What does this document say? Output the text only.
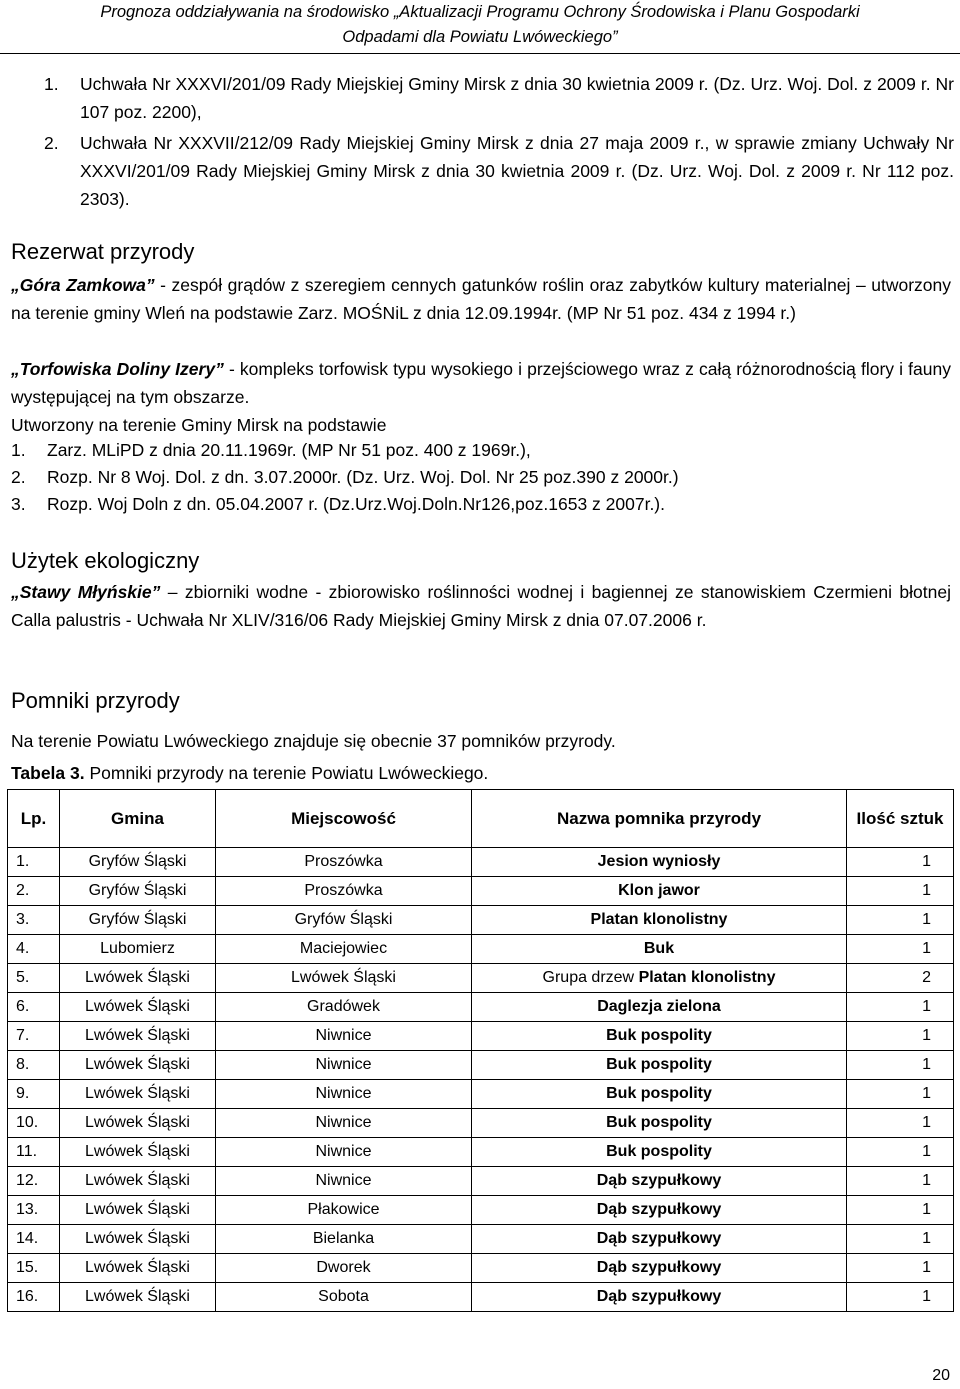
Prognoza oddziaływania na środowisko „Aktualizacji Programu Ochrony Środowiska i Planu Gospodarki
Odpadami dla Powiatu Lwóweckiego”
1. Uchwała Nr XXXVI/201/09 Rady Miejskiej Gminy Mirsk z dnia 30 kwietnia 2009 r. (Dz. Urz. Woj. Dol. z 2009 r. Nr 107 poz. 2200),
2. Uchwała Nr XXXVII/212/09 Rady Miejskiej Gminy Mirsk z dnia 27 maja 2009 r., w sprawie zmiany Uchwały Nr XXXVI/201/09 Rady Miejskiej Gminy Mirsk z dnia 30 kwietnia 2009 r. (Dz. Urz. Woj. Dol. z 2009 r. Nr 112 poz. 2303).
Rezerwat przyrody
„Góra Zamkowa” - zespół grądów z szeregiem cennych gatunków roślin oraz zabytków kultury materialnej – utworzony na terenie gminy Wleń na podstawie Zarz. MOŚNiL z dnia 12.09.1994r. (MP Nr 51 poz. 434 z 1994 r.)
„Torfowiska Doliny Izery” - kompleks torfowisk typu wysokiego i przejściowego wraz z całą różnorodnością flory i fauny występującej na tym obszarze.
Utworzony na terenie Gminy Mirsk na podstawie
1. Zarz. MLiPD z dnia 20.11.1969r. (MP Nr 51 poz. 400 z 1969r.),
2. Rozp. Nr 8 Woj. Dol. z dn. 3.07.2000r. (Dz. Urz. Woj. Dol. Nr 25 poz.390 z 2000r.)
3. Rozp. Woj Doln z dn. 05.04.2007 r. (Dz.Urz.Woj.Doln.Nr126,poz.1653 z 2007r.).
Użytek ekologiczny
„Stawy Młyńskie” – zbiorniki wodne - zbiorowisko roślinności wodnej i bagiennej ze stanowiskiem Czermieni błotnej Calla palustris - Uchwała Nr XLIV/316/06 Rady Miejskiej Gminy Mirsk z dnia 07.07.2006 r.
Pomniki przyrody
Na terenie Powiatu Lwóweckiego znajduje się obecnie 37 pomników przyrody.
Tabela 3. Pomniki przyrody na terenie Powiatu Lwóweckiego.
Lp.	Gmina	Miejscowość	Nazwa pomnika przyrody	Ilość sztuk
1.	Gryfów Śląski	Proszówka	Jesion wyniosły	1
2.	Gryfów Śląski	Proszówka	Klon jawor	1
3.	Gryfów Śląski	Gryfów Śląski	Platan klonolistny	1
4.	Lubomierz	Maciejowiec	Buk	1
5.	Lwówek Śląski	Lwówek Śląski	Grupa drzew Platan klonolistny	2
6.	Lwówek Śląski	Gradówek	Daglezja zielona	1
7.	Lwówek Śląski	Niwnice	Buk pospolity	1
8.	Lwówek Śląski	Niwnice	Buk pospolity	1
9.	Lwówek Śląski	Niwnice	Buk pospolity	1
10.	Lwówek Śląski	Niwnice	Buk pospolity	1
11.	Lwówek Śląski	Niwnice	Buk pospolity	1
12.	Lwówek Śląski	Niwnice	Dąb szypułkowy	1
13.	Lwówek Śląski	Płakowice	Dąb szypułkowy	1
14.	Lwówek Śląski	Bielanka	Dąb szypułkowy	1
15.	Lwówek Śląski	Dworek	Dąb szypułkowy	1
16.	Lwówek Śląski	Sobota	Dąb szypułkowy	1
20
